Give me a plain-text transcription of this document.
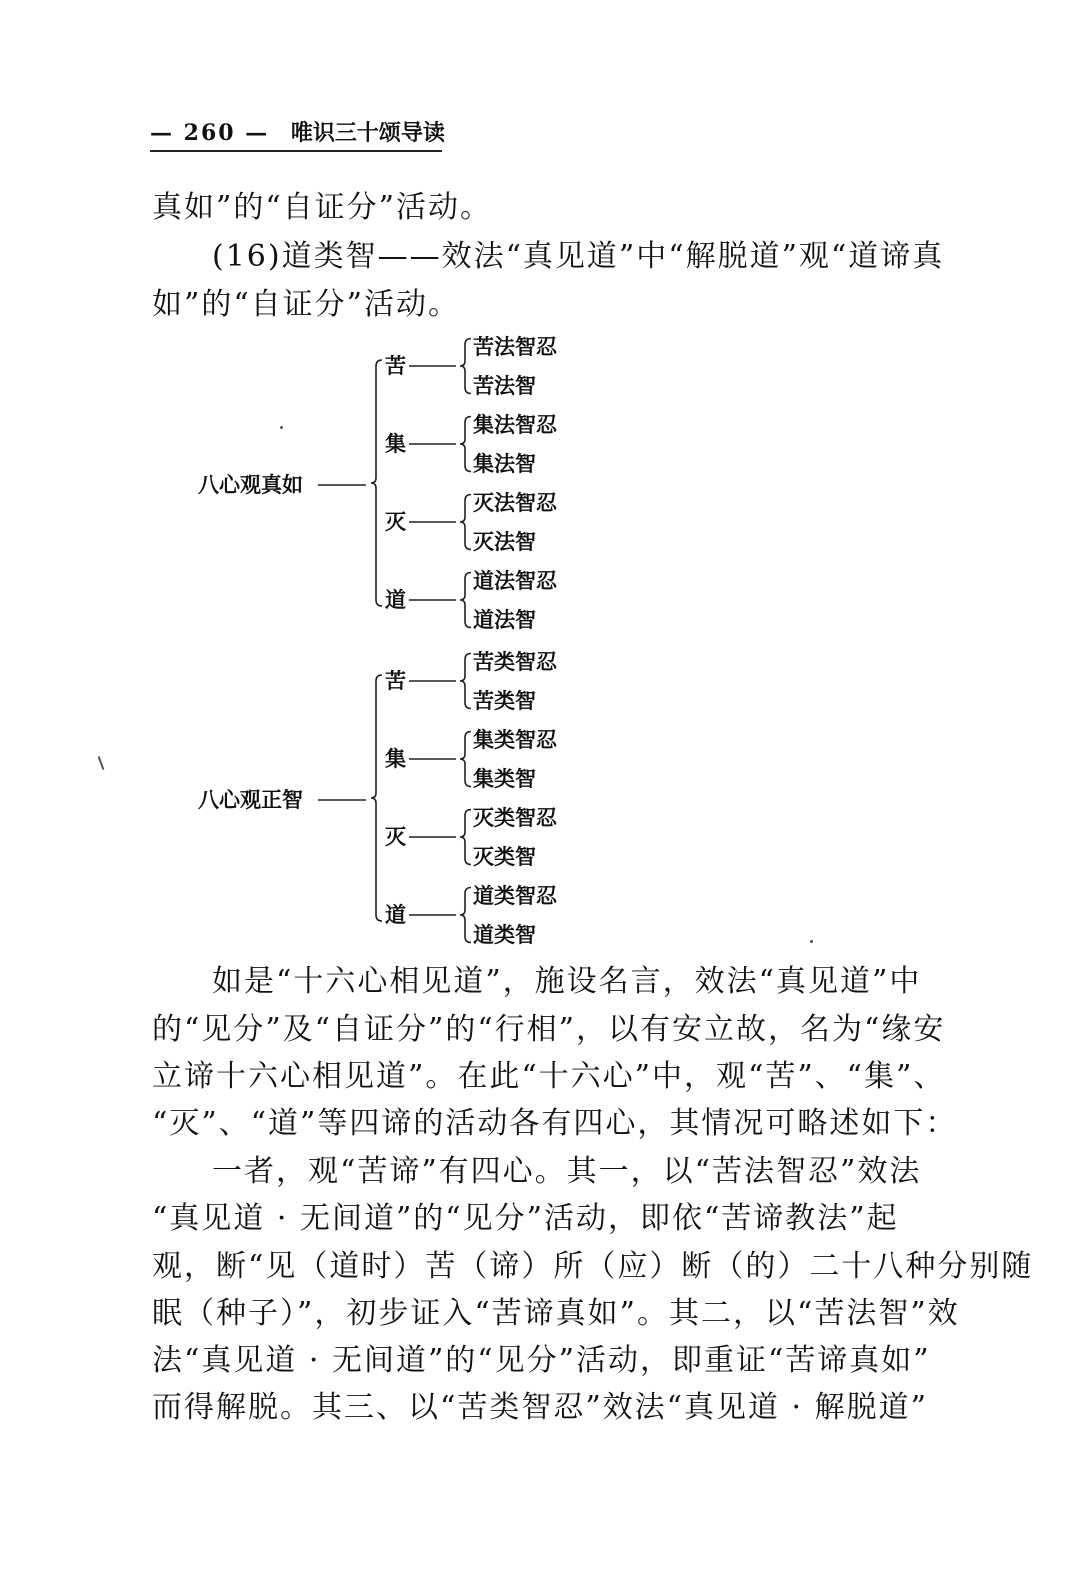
— 260 — 唯识三十颂导读
真如”的“自证分”活动。
(16)道类智——效法“真见道”中“解脱道”观“道谛真
如”的“自证分”活动。
八心观真如
苦
苦法智忍
苦法智
集
集法智忍
集法智
灭
灭法智忍
灭法智
道
道法智忍
道法智
八心观正智
苦
苦类智忍
苦类智
集
集类智忍
集类智
灭
灭类智忍
灭类智
道
道类智忍
道类智
如是“十六心相见道”，施设名言，效法“真见道”中
的“见分”及“自证分”的“行相”，以有安立故，名为“缘安
立谛十六心相见道”。在此“十六心”中，观“苦”、“集”、
“灭”、“道”等四谛的活动各有四心，其情况可略述如下：
一者，观“苦谛”有四心。其一，以“苦法智忍”效法
“真见道 · 无间道”的“见分”活动，即依“苦谛教法”起
观，断“见（道时）苦（谛）所（应）断（的）二十八种分别随
眠（种子）”，初步证入“苦谛真如”。其二，以“苦法智”效
法“真见道 · 无间道”的“见分”活动，即重证“苦谛真如”
而得解脱。其三、以“苦类智忍”效法“真见道 · 解脱道”
